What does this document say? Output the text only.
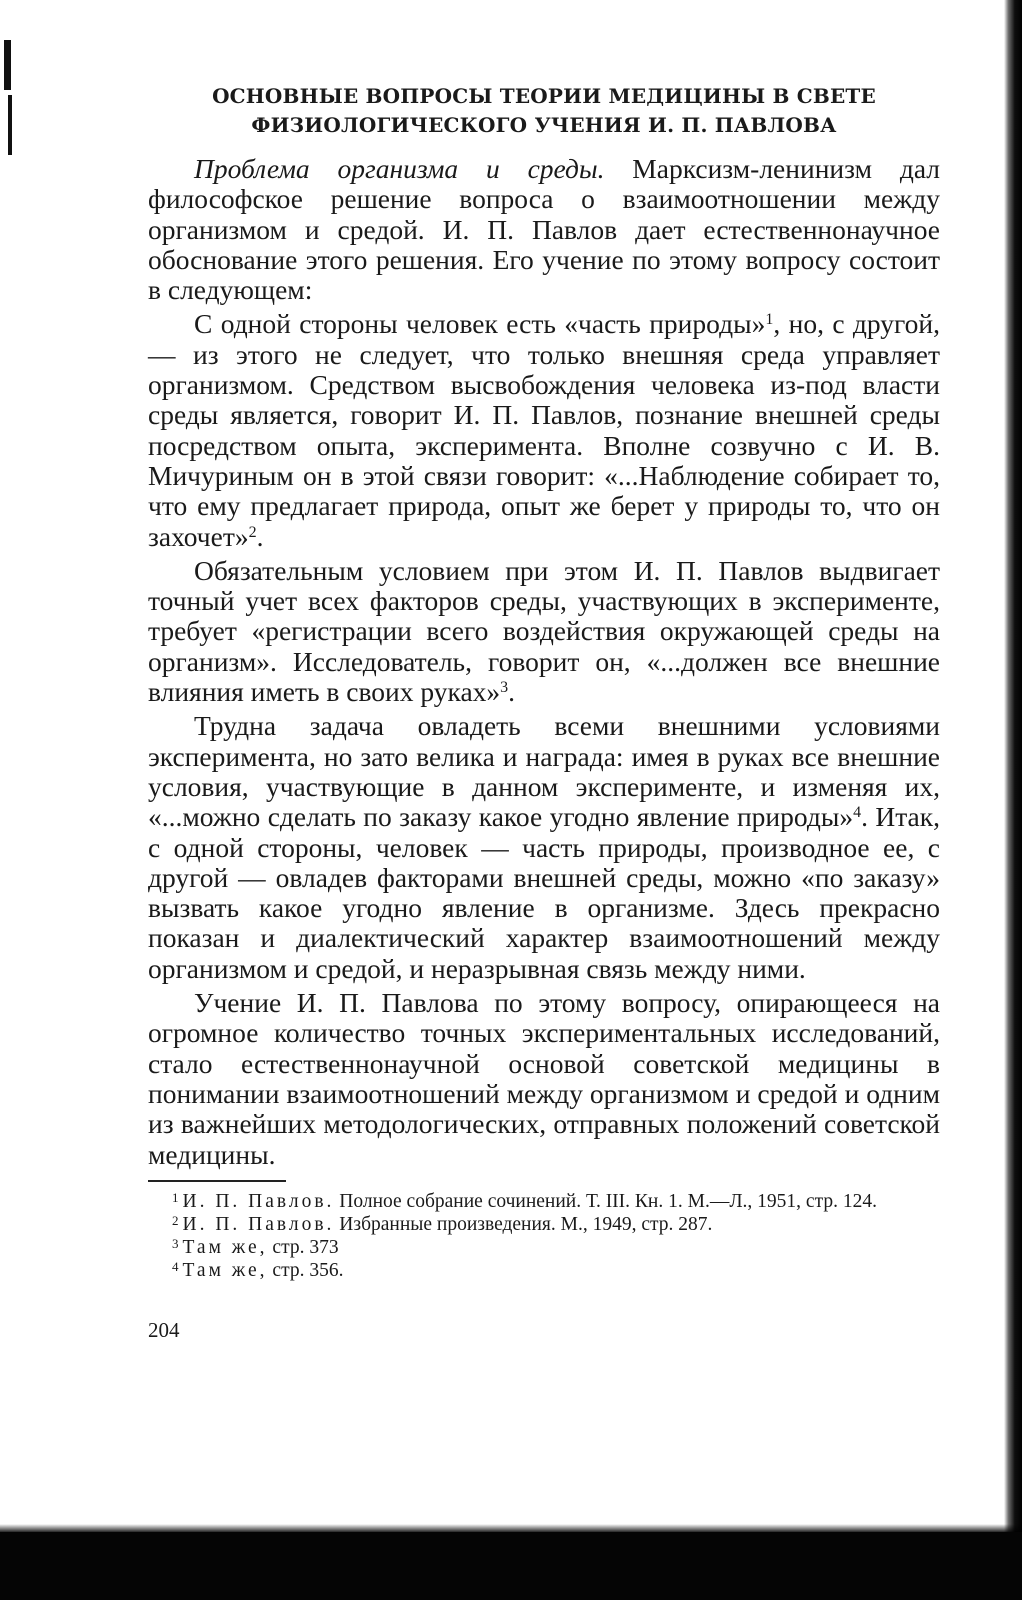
ОСНОВНЫЕ ВОПРОСЫ ТЕОРИИ МЕДИЦИНЫ В СВЕТЕ
ФИЗИОЛОГИЧЕСКОГО УЧЕНИЯ И. П. ПАВЛОВА

Проблема организма и среды. Марксизм-ленинизм дал философское решение вопроса о взаимоотношении между организмом и средой. И. П. Павлов дает естественнонаучное обоснование этого решения. Его учение по этому вопросу состоит в следующем:

С одной стороны человек есть «часть природы»$^1$, но, с другой, — из этого не следует, что только внешняя среда управляет организмом. Средством высвобождения человека из-под власти среды является, говорит И. П. Павлов, познание внешней среды посредством опыта, эксперимента. Вполне созвучно с И. В. Мичуриным он в этой связи говорит: «...Наблюдение собирает то, что ему предлагает природа, опыт же берет у природы то, что он захочет»$^2$.

Обязательным условием при этом И. П. Павлов выдвигает точный учет всех факторов среды, участвующих в эксперименте, требует «регистрации всего воздействия окружающей среды на организм». Исследователь, говорит он, «...должен все внешние влияния иметь в своих руках»$^3$.

Трудна задача овладеть всеми внешними условиями эксперимента, но зато велика и награда: имея в руках все внешние условия, участвующие в данном эксперименте, и изменяя их, «...можно сделать по заказу какое угодно явление природы»$^4$. Итак, с одной стороны, человек — часть природы, производное ее, с другой — овладев факторами внешней среды, можно «по заказу» вызвать какое угодно явление в организме. Здесь прекрасно показан и диалектический характер взаимоотношений между организмом и средой, и неразрывная связь между ними.

Учение И. П. Павлова по этому вопросу, опирающееся на огромное количество точных экспериментальных исследований, стало естественнонаучной основой советской медицины в понимании взаимоотношений между организмом и средой и одним из важнейших методологических, отправных положений советской медицины.

$^1$ И. П. Павлов. Полное собрание сочинений. Т. III. Кн. 1. М.—Л., 1951, стр. 124.

$^2$ И. П. Павлов. Избранные произведения. М., 1949, стр. 287.

$^3$ Там же, стр. 373

$^4$ Там же, стр. 356.

204
